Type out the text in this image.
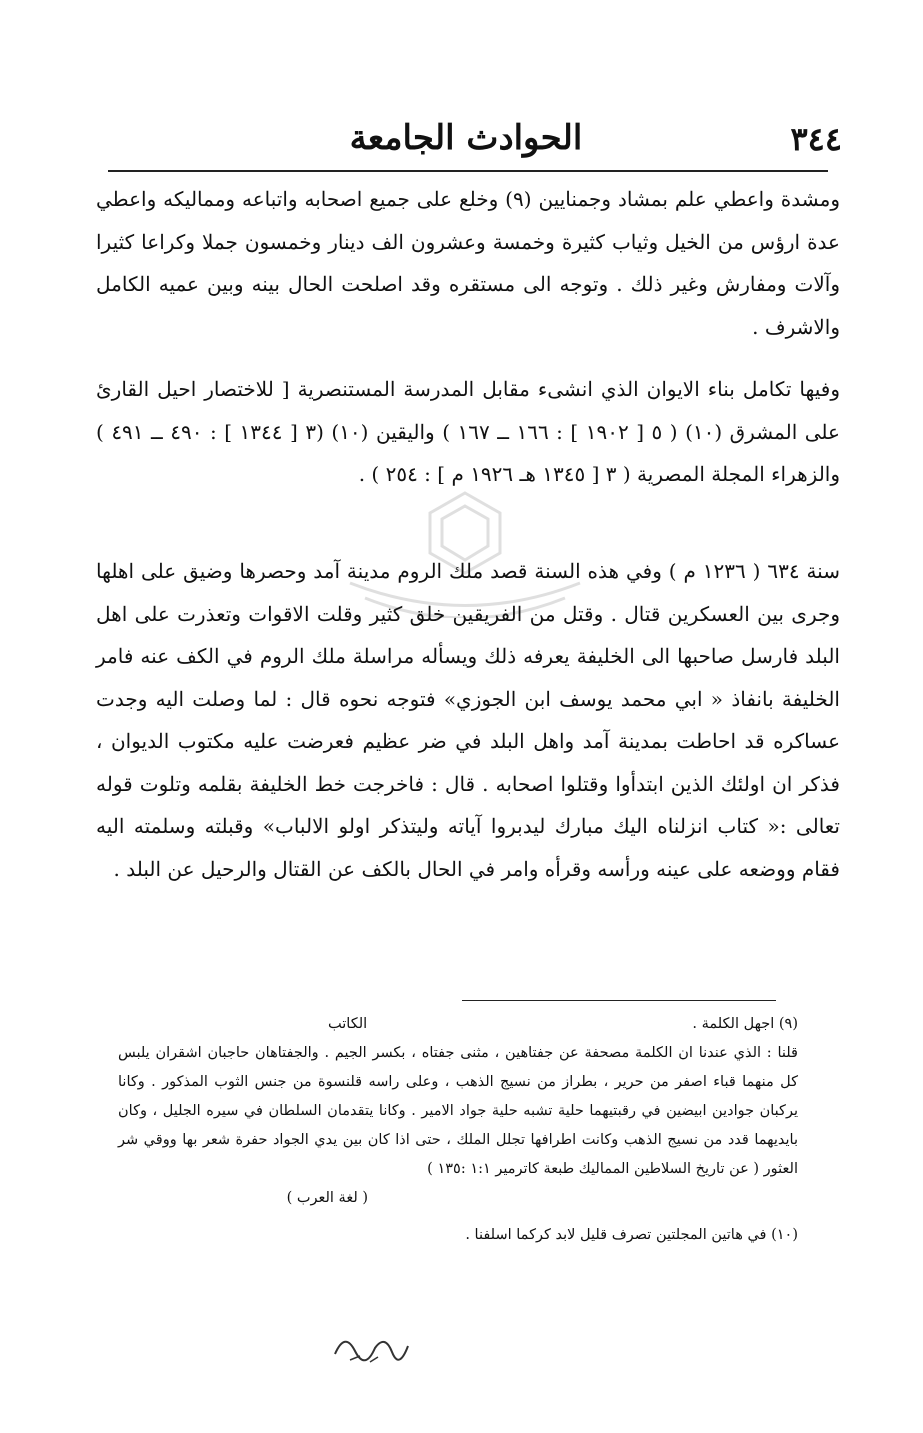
٣٤٤
الحوادث الجامعة

ومشدة واعطي علم بمشاد وجمنايين (٩) وخلع على جميع اصحابه واتباعه ومماليكه واعطي عدة ارؤس من الخيل وثياب كثيرة وخمسة وعشرون الف دينار وخمسون جملا وكراعا كثيرا وآلات ومفارش وغير ذلك . وتوجه الى مستقره وقد اصلحت الحال بينه وبين عميه الكامل والاشرف .

وفيها تكامل بناء الايوان الذي انشىء مقابل المدرسة المستنصرية [ للاختصار احيل القارئ على المشرق (١٠) ( ٥ [ ١٩٠٢ ] : ١٦٦ ــ ١٦٧ ) واليقين (١٠) (٣ [ ١٣٤٤ ] : ٤٩٠ ــ ٤٩١ ) والزهراء المجلة المصرية ( ٣ [ ١٣٤٥ هـ ١٩٢٦ م ] : ٢٥٤ ) .

سنة ٦٣٤ ( ١٢٣٦ م ) وفي هذه السنة قصد ملك الروم مدينة آمد وحصرها وضيق على اهلها وجرى بين العسكرين قتال . وقتل من الفريقين خلق كثير وقلت الاقوات وتعذرت على اهل البلد فارسل صاحبها الى الخليفة يعرفه ذلك ويسأله مراسلة ملك الروم في الكف عنه فامر الخليفة بانفاذ « ابي محمد يوسف ابن الجوزي» فتوجه نحوه قال : لما وصلت اليه وجدت عساكره قد احاطت بمدينة آمد واهل البلد في ضر عظيم فعرضت عليه مكتوب الديوان ، فذكر ان اولئك الذين ابتدأوا وقتلوا اصحابه . قال : فاخرجت خط الخليفة بقلمه وتلوت قوله تعالى :« كتاب انزلناه اليك مبارك ليدبروا آياته وليتذكر اولو الالباب» وقبلته وسلمته اليه فقام ووضعه على عينه ورأسه وقرأه وامر في الحال بالكف عن القتال والرحيل عن البلد .

(٩) اجهل الكلمة .
الكاتب

قلنا : الذي عندنا ان الكلمة مصحفة عن جفتاهين ، مثنى جفتاه ، بكسر الجيم . والجفتاهان حاجبان اشقران يلبس كل منهما قباء اصفر من حرير ، بطراز من نسيج الذهب ، وعلى راسه قلنسوة من جنس الثوب المذكور . وكانا يركبان جوادين ابيضين في رقبتيهما حلية تشبه حلية جواد الامير . وكانا يتقدمان السلطان في سيره الجليل ، وكان بايديهما قدد من نسيج الذهب وكانت اطرافها تجلل الملك ، حتى اذا كان بين يدي الجواد حفرة شعر بها ووقي شر العثور ( عن تاريخ السلاطين المماليك طبعة كاترمير ١:١ :١٣٥ )

( لغة العرب )

(١٠) في هاتين المجلتين تصرف قليل لابد كركما اسلفنا .
